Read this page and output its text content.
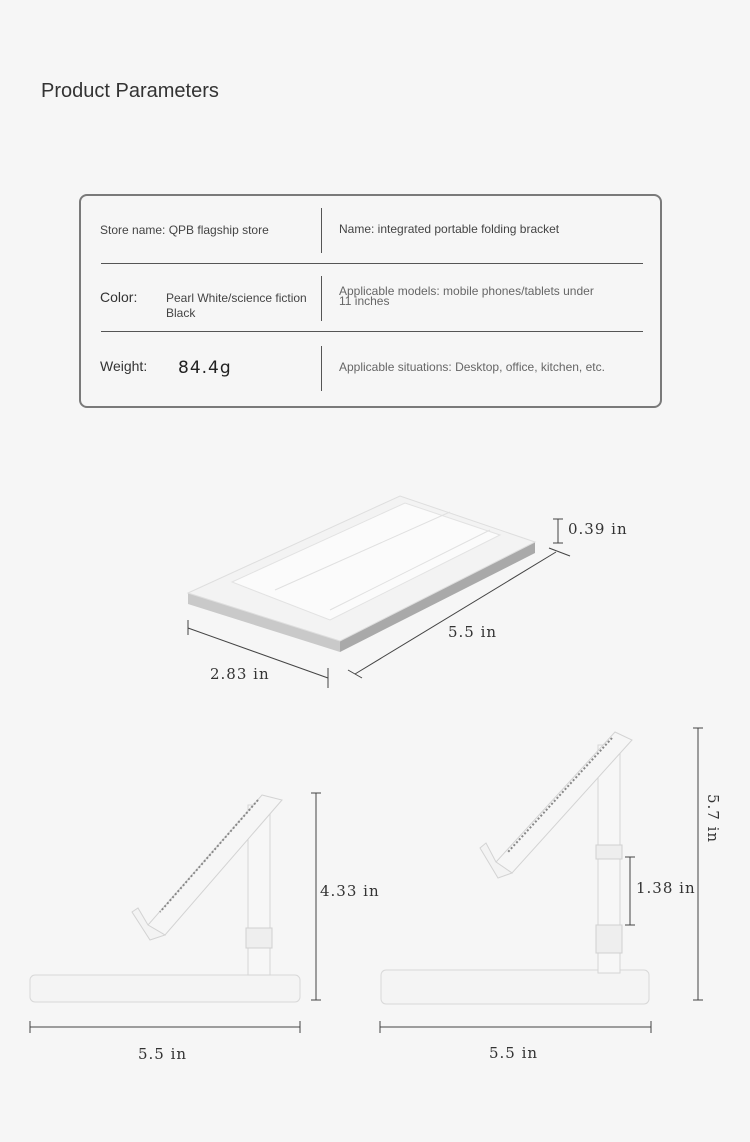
Product Parameters
Store name: QPB flagship store	Name: integrated portable folding bracket
Color: Pearl White/science fiction
Black
Applicable models: mobile phones/tablets under
11 inches
Weight: 84.4g	Applicable situations: Desktop, office, kitchen, etc.
0.39 in
5.5 in
2.83 in
4.33 in
5.5 in
5.7 in
1.38 in
5.5 in
